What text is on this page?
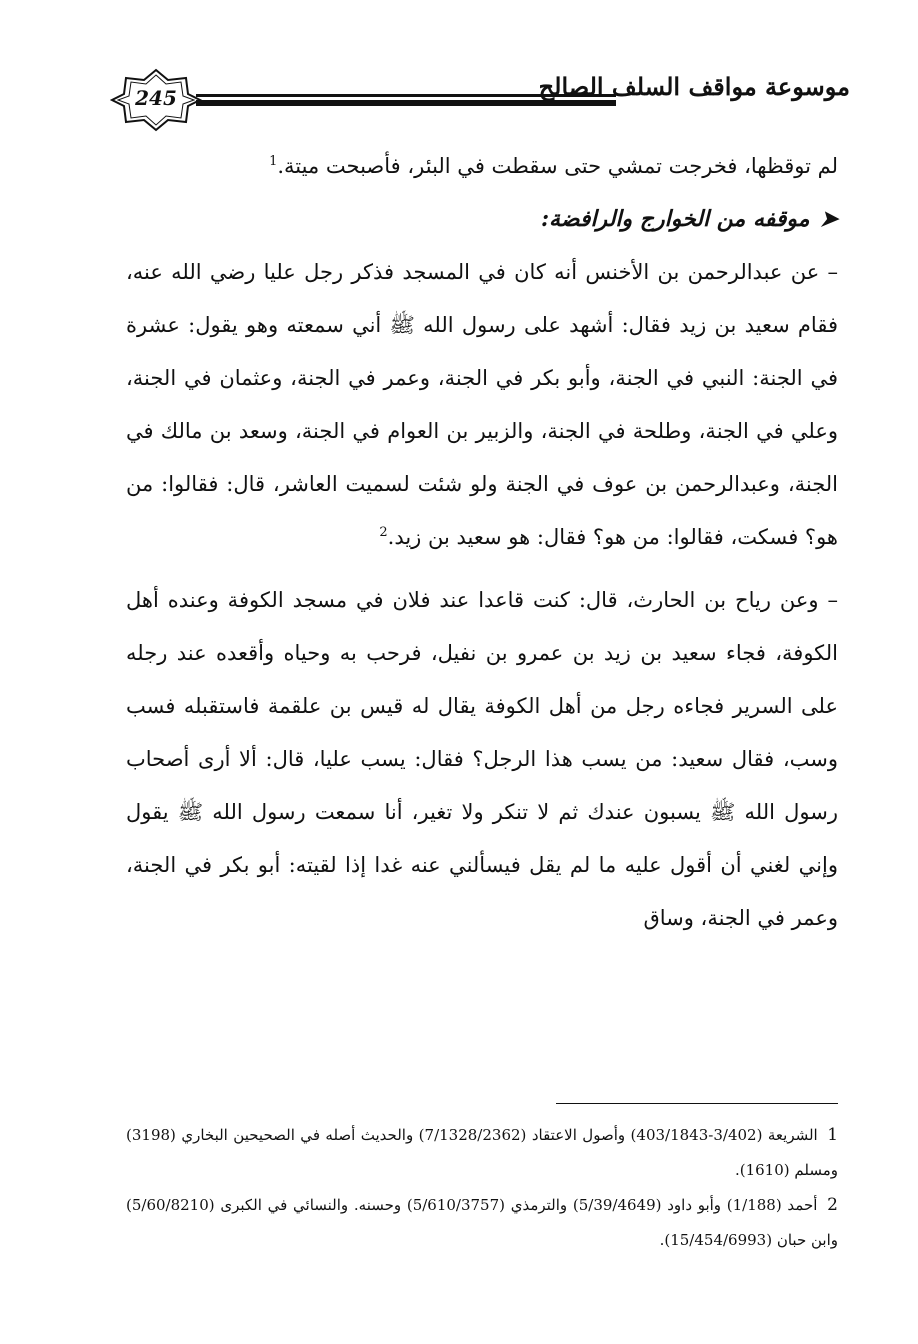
245	موسوعة مواقف السلف الصالح

لم توقظها، فخرجت تمشي حتى سقطت في البئر، فأصبحت ميتة.$^1$

➤موقفه من الخوارج والرافضة:

– عن عبدالرحمن بن الأخنس أنه كان في المسجد فذكر رجل عليا رضي الله عنه، فقام سعيد بن زيد فقال: أشهد على رسول الله ﷺ أني سمعته وهو يقول: عشرة في الجنة: النبي في الجنة، وأبو بكر في الجنة، وعمر في الجنة، وعثمان في الجنة، وعلي في الجنة، وطلحة في الجنة، والزبير بن العوام في الجنة، وسعد بن مالك في الجنة، وعبدالرحمن بن عوف في الجنة ولو شئت لسميت العاشر، قال: فقالوا: من هو؟ فسكت، فقالوا: من هو؟ فقال: هو سعيد بن زيد.$^2$

– وعن رياح بن الحارث، قال: كنت قاعدا عند فلان في مسجد الكوفة وعنده أهل الكوفة، فجاء سعيد بن زيد بن عمرو بن نفيل، فرحب به وحياه وأقعده عند رجله على السرير فجاءه رجل من أهل الكوفة يقال له قيس بن علقمة فاستقبله فسب وسب، فقال سعيد: من يسب هذا الرجل؟ فقال: يسب عليا، قال: ألا أرى أصحاب رسول الله ﷺ يسبون عندك ثم لا تنكر ولا تغير، أنا سمعت رسول الله ﷺ يقول وإني لغني أن أقول عليه ما لم يقل فيسألني عنه غدا إذا لقيته: أبو بكر في الجنة، وعمر في الجنة، وساق

1 الشريعة (3/402-403/1843) وأصول الاعتقاد (7/1328/2362) والحديث أصله في الصحيحين البخاري (3198) ومسلم (1610).

2 أحمد (1/188) وأبو داود (5/39/4649) والترمذي (5/610/3757) وحسنه. والنسائي في الكبرى (5/60/8210) وابن حبان (15/454/6993).
